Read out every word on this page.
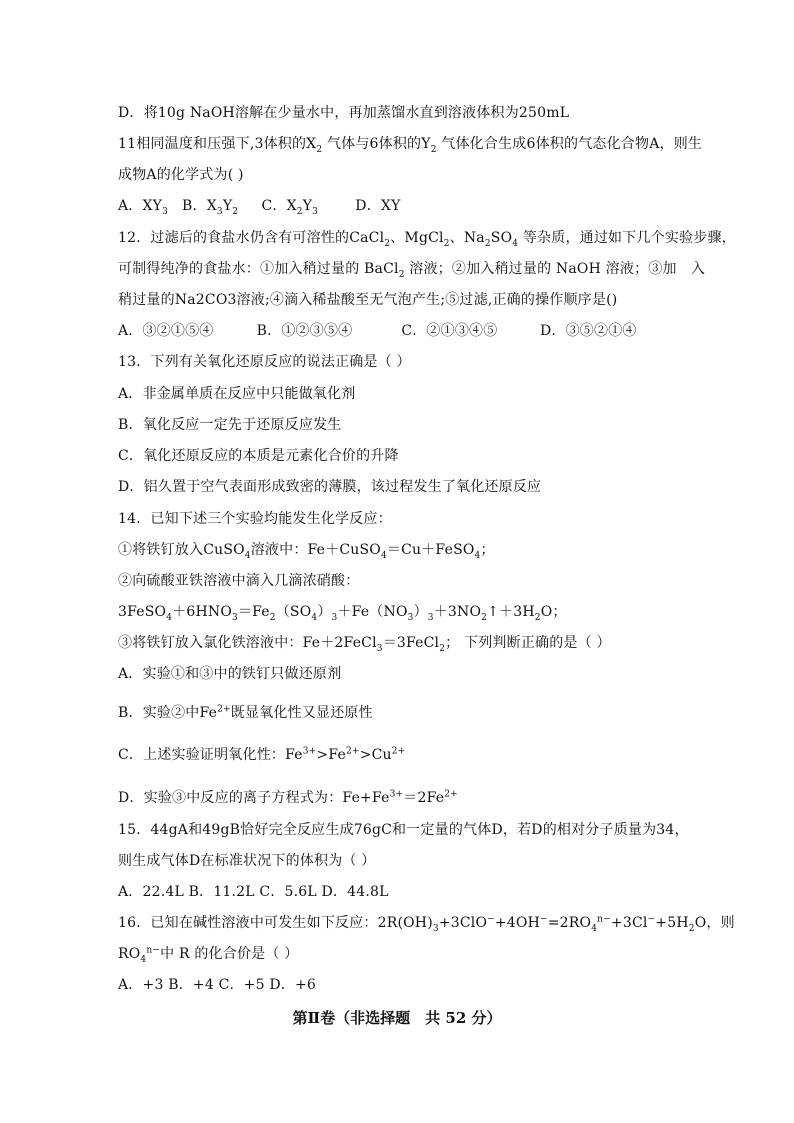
D．将10g NaOH溶解在少量水中，再加蒸馏水直到溶液体积为250mL
11相同温度和压强下,3体积的$X_2$ 气体与6体积的$Y_2$ 气体化合生成6体积的气态化合物A，则生
成物A的化学式为( )
A．$XY_3$ B．$X_3Y_2$ C．$X_2Y_3$	D．XY
12．过滤后的食盐水仍含有可溶性的CaCl$_2$、MgCl$_2$、$Na_2SO_4$ 等杂质，通过如下几个实验步骤，
可制得纯净的食盐水：①加入稍过量的 BaCl$_2$ 溶液；②加入稍过量的 NaOH 溶液；③加　入
稍过量的Na2CO3溶液;④滴入稀盐酸至无气泡产生;⑤过滤,正确的操作顺序是()
A．③②①⑤④	B．①②③⑤④	C．②①③④⑤	D．③⑤②①④
13．下列有关氧化还原反应的说法正确是（ ）
A．非金属单质在反应中只能做氧化剂
B．氧化反应一定先于还原反应发生
C．氧化还原反应的本质是元素化合价的升降
D．铝久置于空气表面形成致密的薄膜，该过程发生了氧化还原反应
14．已知下述三个实验均能发生化学反应：
①将铁钉放入CuSO$_4$溶液中：Fe＋CuSO$_4$＝Cu＋FeSO$_4$；
②向硫酸亚铁溶液中滴入几滴浓硝酸：
$3FeSO_4+6HNO_3=Fe_2(SO_4)_3+Fe(NO_3)_3+3NO_2↑+3H_2O$；
③将铁钉放入氯化铁溶液中：Fe＋2FeCl$_3$＝3FeCl$_2$； 下列判断正确的是（ ）
A．实验①和③中的铁钉只做还原剂
B．实验②中$Fe^{2+}$既显氧化性又显还原性
C．上述实验证明氧化性：$Fe^{3+}>Fe^{2+}>Cu^{2+}$
D．实验③中反应的离子方程式为：$Fe+Fe^{3+}=2Fe^{2+}$
15．44gA和49gB恰好完全反应生成76gC和一定量的气体D，若D的相对分子质量为34，
则生成气体D在标准状况下的体积为（ ）
A．22.4L B．11.2L C．5.6L D．44.8L
16．已知在碱性溶液中可发生如下反应：$2R(OH)_3+3ClO^-+4OH^-=2RO_4^{n-}+3Cl^-+5H_2O$，则
$RO_4^{n-}$中 R 的化合价是（ ）
A．+3 B．+4 C．+5 D．+6
第Ⅱ卷（非选择题　共 52 分）
